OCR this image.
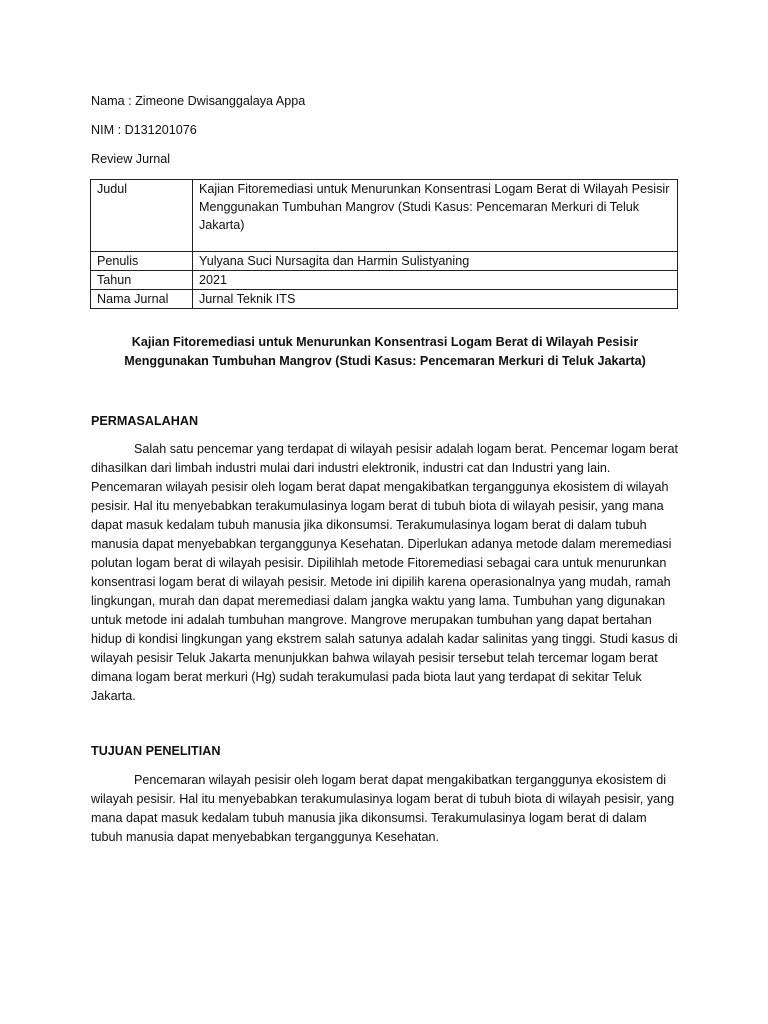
Nama : Zimeone Dwisanggalaya Appa

NIM : D131201076

Review Jurnal

Judul	Kajian Fitoremediasi untuk Menurunkan Konsentrasi Logam Berat di Wilayah Pesisir Menggunakan Tumbuhan Mangrov (Studi Kasus: Pencemaran Merkuri di Teluk Jakarta)
Penulis	Yulyana Suci Nursagita dan Harmin Sulistyaning
Tahun	2021
Nama Jurnal	Jurnal Teknik ITS

Kajian Fitoremediasi untuk Menurunkan Konsentrasi Logam Berat di Wilayah Pesisir Menggunakan Tumbuhan Mangrov (Studi Kasus: Pencemaran Merkuri di Teluk Jakarta)

PERMASALAHAN

Salah satu pencemar yang terdapat di wilayah pesisir adalah logam berat. Pencemar logam berat dihasilkan dari limbah industri mulai dari industri elektronik, industri cat dan Industri yang lain. Pencemaran wilayah pesisir oleh logam berat dapat mengakibatkan terganggunya ekosistem di wilayah pesisir. Hal itu menyebabkan terakumulasinya logam berat di tubuh biota di wilayah pesisir, yang mana dapat masuk kedalam tubuh manusia jika dikonsumsi. Terakumulasinya logam berat di dalam tubuh manusia dapat menyebabkan terganggunya Kesehatan. Diperlukan adanya metode dalam meremediasi polutan logam berat di wilayah pesisir. Dipilihlah metode Fitoremediasi sebagai cara untuk menurunkan konsentrasi logam berat di wilayah pesisir. Metode ini dipilih karena operasionalnya yang mudah, ramah lingkungan, murah dan dapat meremediasi dalam jangka waktu yang lama. Tumbuhan yang digunakan untuk metode ini adalah tumbuhan mangrove. Mangrove merupakan tumbuhan yang dapat bertahan hidup di kondisi lingkungan yang ekstrem salah satunya adalah kadar salinitas yang tinggi. Studi kasus di wilayah pesisir Teluk Jakarta menunjukkan bahwa wilayah pesisir tersebut telah tercemar logam berat dimana logam berat merkuri (Hg) sudah terakumulasi pada biota laut yang terdapat di sekitar Teluk Jakarta.

TUJUAN PENELITIAN

Pencemaran wilayah pesisir oleh logam berat dapat mengakibatkan terganggunya ekosistem di wilayah pesisir. Hal itu menyebabkan terakumulasinya logam berat di tubuh biota di wilayah pesisir, yang mana dapat masuk kedalam tubuh manusia jika dikonsumsi. Terakumulasinya logam berat di dalam tubuh manusia dapat menyebabkan terganggunya Kesehatan.
